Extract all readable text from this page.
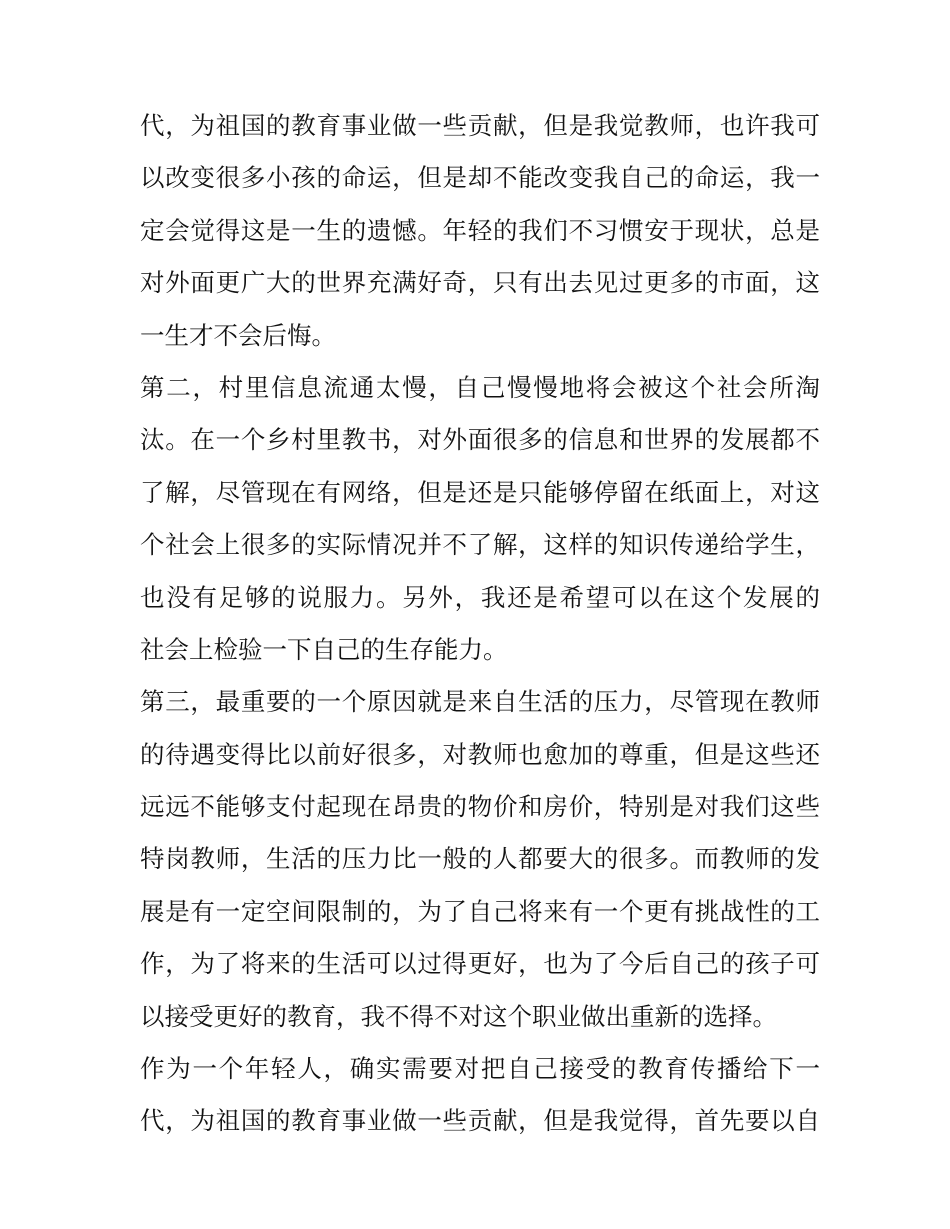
代，为祖国的教育事业做一些贡献，但是我觉教师，也许我可
以改变很多小孩的命运，但是却不能改变我自己的命运，我一
定会觉得这是一生的遗憾。年轻的我们不习惯安于现状，总是
对外面更广大的世界充满好奇，只有出去见过更多的市面，这
一生才不会后悔。
第二，村里信息流通太慢，自己慢慢地将会被这个社会所淘
汰。在一个乡村里教书，对外面很多的信息和世界的发展都不
了解，尽管现在有网络，但是还是只能够停留在纸面上，对这
个社会上很多的实际情况并不了解，这样的知识传递给学生，
也没有足够的说服力。另外，我还是希望可以在这个发展的
社会上检验一下自己的生存能力。
第三，最重要的一个原因就是来自生活的压力，尽管现在教师
的待遇变得比以前好很多，对教师也愈加的尊重，但是这些还
远远不能够支付起现在昂贵的物价和房价，特别是对我们这些
特岗教师，生活的压力比一般的人都要大的很多。而教师的发
展是有一定空间限制的，为了自己将来有一个更有挑战性的工
作，为了将来的生活可以过得更好，也为了今后自己的孩子可
以接受更好的教育，我不得不对这个职业做出重新的选择。
作为一个年轻人，确实需要对把自己接受的教育传播给下一
代，为祖国的教育事业做一些贡献，但是我觉得，首先要以自
